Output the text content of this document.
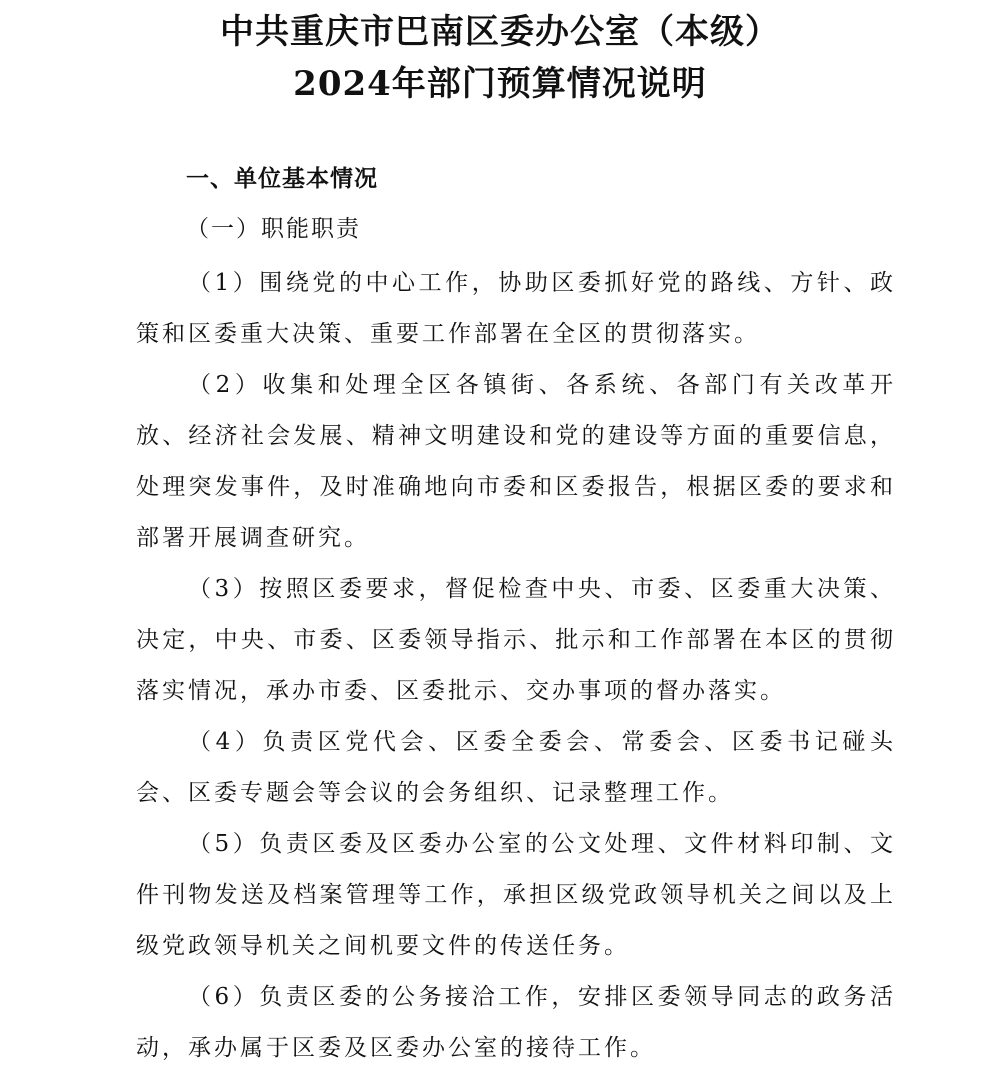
中共重庆市巴南区委办公室（本级）
2024年部门预算情况说明
一、单位基本情况
（一）职能职责

（1）围绕党的中心工作，协助区委抓好党的路线、方针、政策和区委重大决策、重要工作部署在全区的贯彻落实。

（2）收集和处理全区各镇街、各系统、各部门有关改革开放、经济社会发展、精神文明建设和党的建设等方面的重要信息，处理突发事件，及时准确地向市委和区委报告，根据区委的要求和部署开展调查研究。

（3）按照区委要求，督促检查中央、市委、区委重大决策、决定，中央、市委、区委领导指示、批示和工作部署在本区的贯彻落实情况，承办市委、区委批示、交办事项的督办落实。

（4）负责区党代会、区委全委会、常委会、区委书记碰头会、区委专题会等会议的会务组织、记录整理工作。

（5）负责区委及区委办公室的公文处理、文件材料印制、文件刊物发送及档案管理等工作，承担区级党政领导机关之间以及上级党政领导机关之间机要文件的传送任务。

（6）负责区委的公务接洽工作，安排区委领导同志的政务活动，承办属于区委及区委办公室的接待工作。
